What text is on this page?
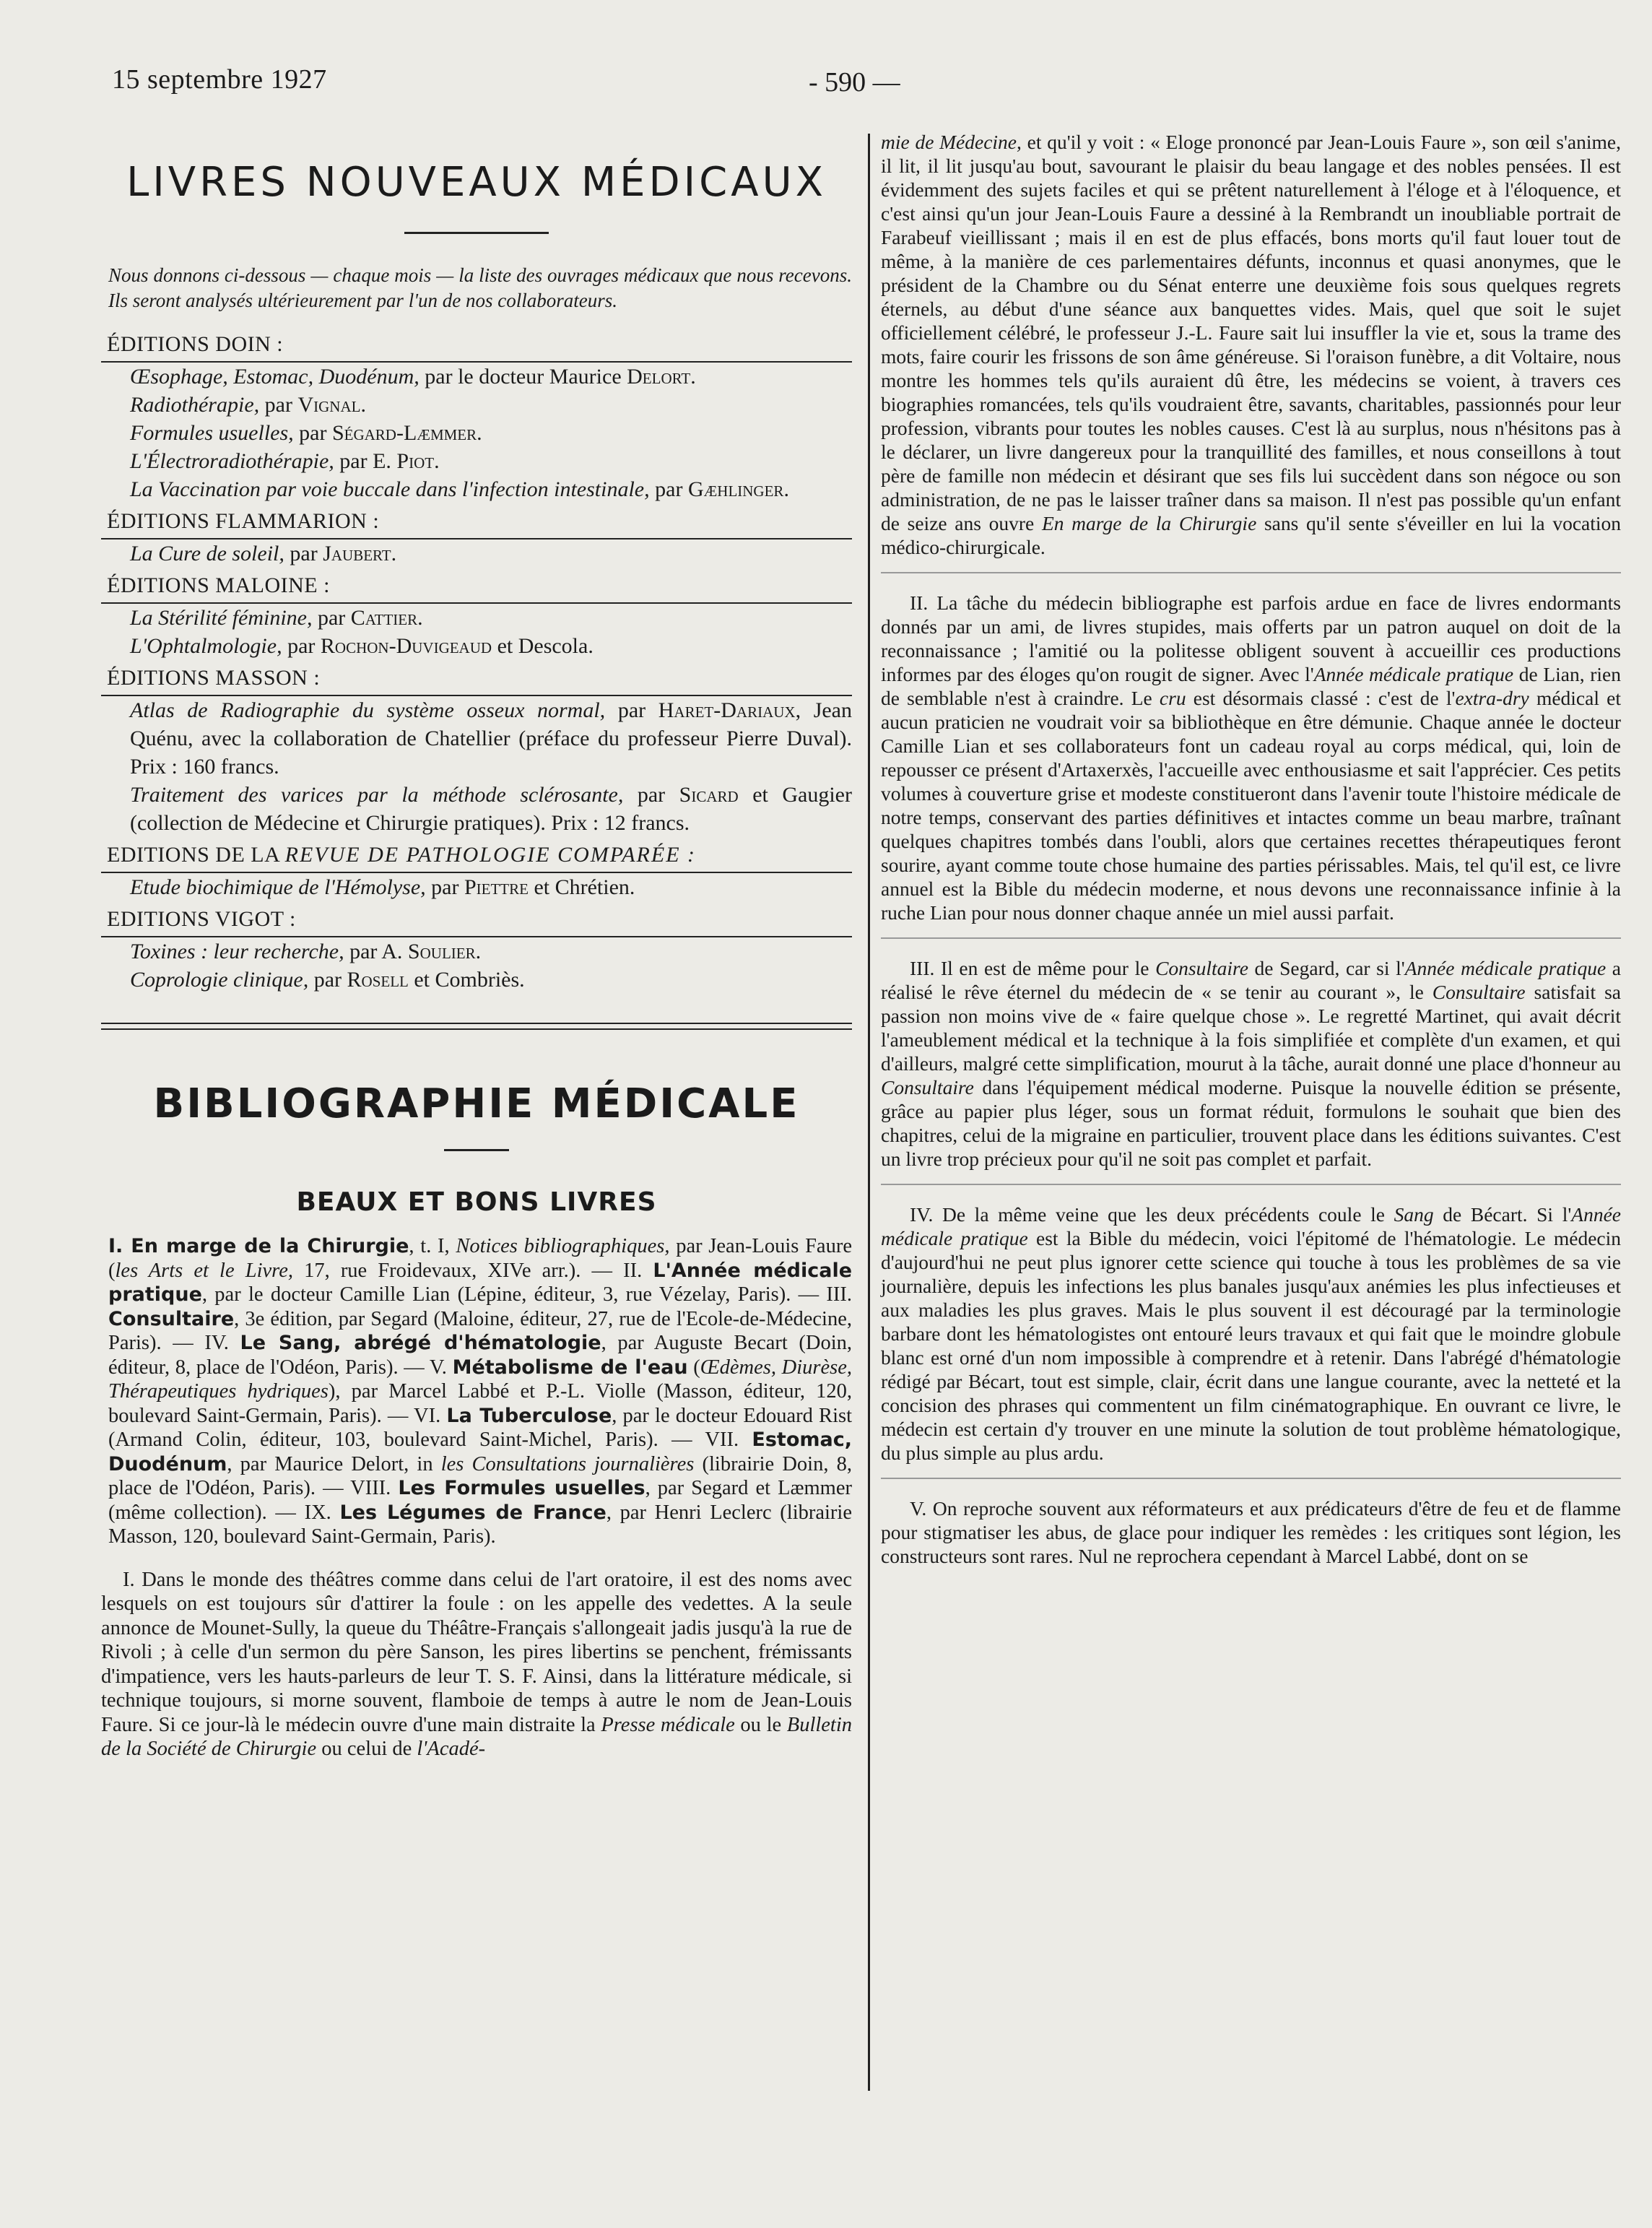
15 septembre 1927	- 590 —
LIVRES NOUVEAUX MÉDICAUX

Nous donnons ci-dessous — chaque mois — la liste des ouvrages médicaux que nous recevons. Ils seront analysés ultérieurement par l'un de nos collaborateurs.

ÉDITIONS DOIN :

Œsophage, Estomac, Duodénum, par le docteur Maurice Delort.

Radiothérapie, par Vignal.

Formules usuelles, par Ségard-Læmmer.

L'Électroradiothérapie, par E. Piot.

La Vaccination par voie buccale dans l'infection intestinale, par Gæhlinger.

ÉDITIONS FLAMMARION :

La Cure de soleil, par Jaubert.

ÉDITIONS MALOINE :

La Stérilité féminine, par Cattier.

L'Ophtalmologie, par Rochon-Duvigeaud et Descola.

ÉDITIONS MASSON :

Atlas de Radiographie du système osseux normal, par Haret-Dariaux, Jean Quénu, avec la collaboration de Chatellier (préface du professeur Pierre Duval). Prix : 160 francs.

Traitement des varices par la méthode sclérosante, par Sicard et Gaugier (collection de Médecine et Chirurgie pratiques). Prix : 12 francs.

EDITIONS DE LA REVUE DE PATHOLOGIE COMPARÉE :

Etude biochimique de l'Hémolyse, par Piettre et Chrétien.

EDITIONS VIGOT :

Toxines : leur recherche, par A. Soulier.

Coprologie clinique, par Rosell et Combriès.

BIBLIOGRAPHIE MÉDICALE
BEAUX ET BONS LIVRES

I. En marge de la Chirurgie, t. I, Notices bibliographiques, par Jean-Louis Faure (les Arts et le Livre, 17, rue Froidevaux, XIVe arr.). — II. L'Année médicale pratique, par le docteur Camille Lian (Lépine, éditeur, 3, rue Vézelay, Paris). — III. Consultaire, 3e édition, par Segard (Maloine, éditeur, 27, rue de l'Ecole-de-Médecine, Paris). — IV. Le Sang, abrégé d'hématologie, par Auguste Becart (Doin, éditeur, 8, place de l'Odéon, Paris). — V. Métabolisme de l'eau (Œdèmes, Diurèse, Thérapeutiques hydriques), par Marcel Labbé et P.-L. Violle (Masson, éditeur, 120, boulevard Saint-Germain, Paris). — VI. La Tuberculose, par le docteur Edouard Rist (Armand Colin, éditeur, 103, boulevard Saint-Michel, Paris). — VII. Estomac, Duodénum, par Maurice Delort, in les Consultations journalières (librairie Doin, 8, place de l'Odéon, Paris). — VIII. Les Formules usuelles, par Segard et Læmmer (même collection). — IX. Les Légumes de France, par Henri Leclerc (librairie Masson, 120, boulevard Saint-Germain, Paris).

I. Dans le monde des théâtres comme dans celui de l'art oratoire, il est des noms avec lesquels on est toujours sûr d'attirer la foule : on les appelle des vedettes. A la seule annonce de Mounet-Sully, la queue du Théâtre-Français s'allongeait jadis jusqu'à la rue de Rivoli ; à celle d'un sermon du père Sanson, les pires libertins se penchent, frémissants d'impatience, vers les hauts-parleurs de leur T. S. F. Ainsi, dans la littérature médicale, si technique toujours, si morne souvent, flamboie de temps à autre le nom de Jean-Louis Faure. Si ce jour-là le médecin ouvre d'une main distraite la Presse médicale ou le Bulletin de la Société de Chirurgie ou celui de l'Acadé-

mie de Médecine, et qu'il y voit : « Eloge prononcé par Jean-Louis Faure », son œil s'anime, il lit, il lit jusqu'au bout, savourant le plaisir du beau langage et des nobles pensées. Il est évidemment des sujets faciles et qui se prêtent naturellement à l'éloge et à l'éloquence, et c'est ainsi qu'un jour Jean-Louis Faure a dessiné à la Rembrandt un inoubliable portrait de Farabeuf vieillissant ; mais il en est de plus effacés, bons morts qu'il faut louer tout de même, à la manière de ces parlementaires défunts, inconnus et quasi anonymes, que le président de la Chambre ou du Sénat enterre une deuxième fois sous quelques regrets éternels, au début d'une séance aux banquettes vides. Mais, quel que soit le sujet officiellement célébré, le professeur J.-L. Faure sait lui insuffler la vie et, sous la trame des mots, faire courir les frissons de son âme généreuse. Si l'oraison funèbre, a dit Voltaire, nous montre les hommes tels qu'ils auraient dû être, les médecins se voient, à travers ces biographies romancées, tels qu'ils voudraient être, savants, charitables, passionnés pour leur profession, vibrants pour toutes les nobles causes. C'est là au surplus, nous n'hésitons pas à le déclarer, un livre dangereux pour la tranquillité des familles, et nous conseillons à tout père de famille non médecin et désirant que ses fils lui succèdent dans son négoce ou son administration, de ne pas le laisser traîner dans sa maison. Il n'est pas possible qu'un enfant de seize ans ouvre En marge de la Chirurgie sans qu'il sente s'éveiller en lui la vocation médico-chirurgicale.

II. La tâche du médecin bibliographe est parfois ardue en face de livres endormants donnés par un ami, de livres stupides, mais offerts par un patron auquel on doit de la reconnaissance ; l'amitié ou la politesse obligent souvent à accueillir ces productions informes par des éloges qu'on rougit de signer. Avec l'Année médicale pratique de Lian, rien de semblable n'est à craindre. Le cru est désormais classé : c'est de l'extra-dry médical et aucun praticien ne voudrait voir sa bibliothèque en être démunie. Chaque année le docteur Camille Lian et ses collaborateurs font un cadeau royal au corps médical, qui, loin de repousser ce présent d'Artaxerxès, l'accueille avec enthousiasme et sait l'apprécier. Ces petits volumes à couverture grise et modeste constitueront dans l'avenir toute l'histoire médicale de notre temps, conservant des parties définitives et intactes comme un beau marbre, traînant quelques chapitres tombés dans l'oubli, alors que certaines recettes thérapeutiques feront sourire, ayant comme toute chose humaine des parties périssables. Mais, tel qu'il est, ce livre annuel est la Bible du médecin moderne, et nous devons une reconnaissance infinie à la ruche Lian pour nous donner chaque année un miel aussi parfait.

III. Il en est de même pour le Consultaire de Segard, car si l'Année médicale pratique a réalisé le rêve éternel du médecin de « se tenir au courant », le Consultaire satisfait sa passion non moins vive de « faire quelque chose ». Le regretté Martinet, qui avait décrit l'ameublement médical et la technique à la fois simplifiée et complète d'un examen, et qui d'ailleurs, malgré cette simplification, mourut à la tâche, aurait donné une place d'honneur au Consultaire dans l'équipement médical moderne. Puisque la nouvelle édition se présente, grâce au papier plus léger, sous un format réduit, formulons le souhait que bien des chapitres, celui de la migraine en particulier, trouvent place dans les éditions suivantes. C'est un livre trop précieux pour qu'il ne soit pas complet et parfait.

IV. De la même veine que les deux précédents coule le Sang de Bécart. Si l'Année médicale pratique est la Bible du médecin, voici l'épitomé de l'hématologie. Le médecin d'aujourd'hui ne peut plus ignorer cette science qui touche à tous les problèmes de sa vie journalière, depuis les infections les plus banales jusqu'aux anémies les plus infectieuses et aux maladies les plus graves. Mais le plus souvent il est découragé par la terminologie barbare dont les hématologistes ont entouré leurs travaux et qui fait que le moindre globule blanc est orné d'un nom impossible à comprendre et à retenir. Dans l'abrégé d'hématologie rédigé par Bécart, tout est simple, clair, écrit dans une langue courante, avec la netteté et la concision des phrases qui commentent un film cinématographique. En ouvrant ce livre, le médecin est certain d'y trouver en une minute la solution de tout problème hématologique, du plus simple au plus ardu.

V. On reproche souvent aux réformateurs et aux prédicateurs d'être de feu et de flamme pour stigmatiser les abus, de glace pour indiquer les remèdes : les critiques sont légion, les constructeurs sont rares. Nul ne reprochera cependant à Marcel Labbé, dont on se
